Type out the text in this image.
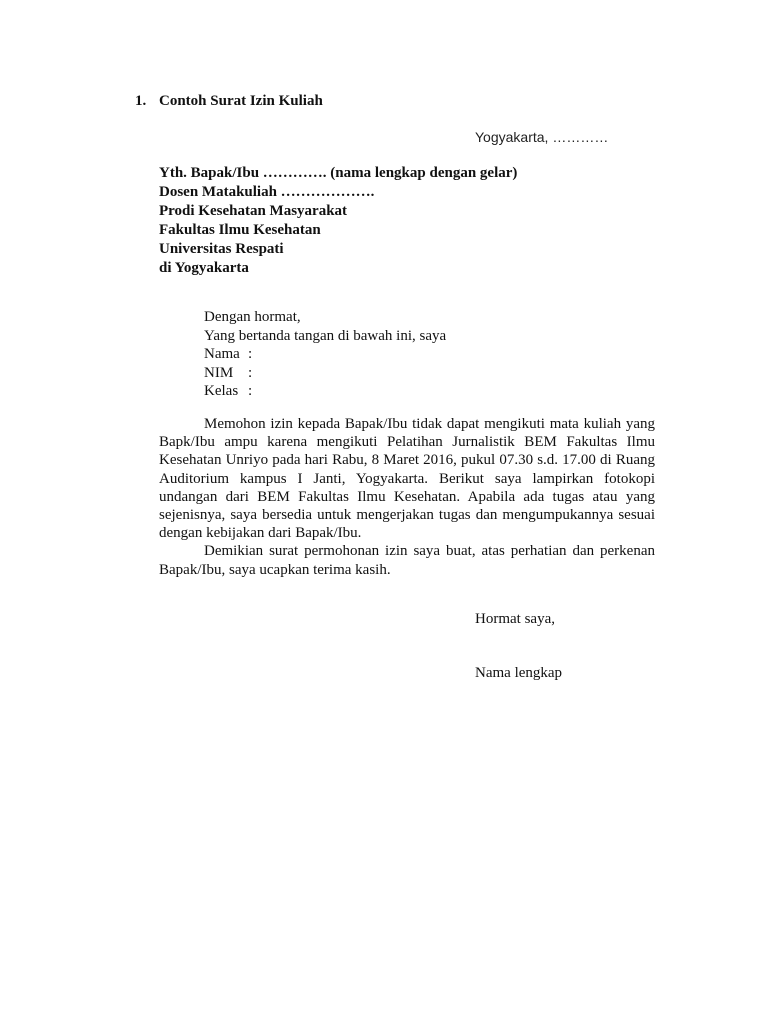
1. Contoh Surat Izin Kuliah
Yogyakarta, …………
Yth. Bapak/Ibu …………. (nama lengkap dengan gelar)
Dosen Matakuliah ……………….
Prodi Kesehatan Masyarakat
Fakultas Ilmu Kesehatan
Universitas Respati
di Yogyakarta
Dengan hormat,
Yang bertanda tangan di bawah ini, saya
Nama :
NIM :
Kelas :

Memohon izin kepada Bapak/Ibu tidak dapat mengikuti mata kuliah yang Bapk/Ibu ampu karena mengikuti Pelatihan Jurnalistik BEM Fakultas Ilmu Kesehatan Unriyo pada hari Rabu, 8 Maret 2016, pukul 07.30 s.d. 17.00 di Ruang Auditorium kampus I Janti, Yogyakarta. Berikut saya lampirkan fotokopi undangan dari BEM Fakultas Ilmu Kesehatan. Apabila ada tugas atau yang sejenisnya, saya bersedia untuk mengerjakan tugas dan mengumpukannya sesuai dengan kebijakan dari Bapak/Ibu.

Demikian surat permohonan izin saya buat, atas perhatian dan perkenan Bapak/Ibu, saya ucapkan terima kasih.

Hormat saya,
Nama lengkap
